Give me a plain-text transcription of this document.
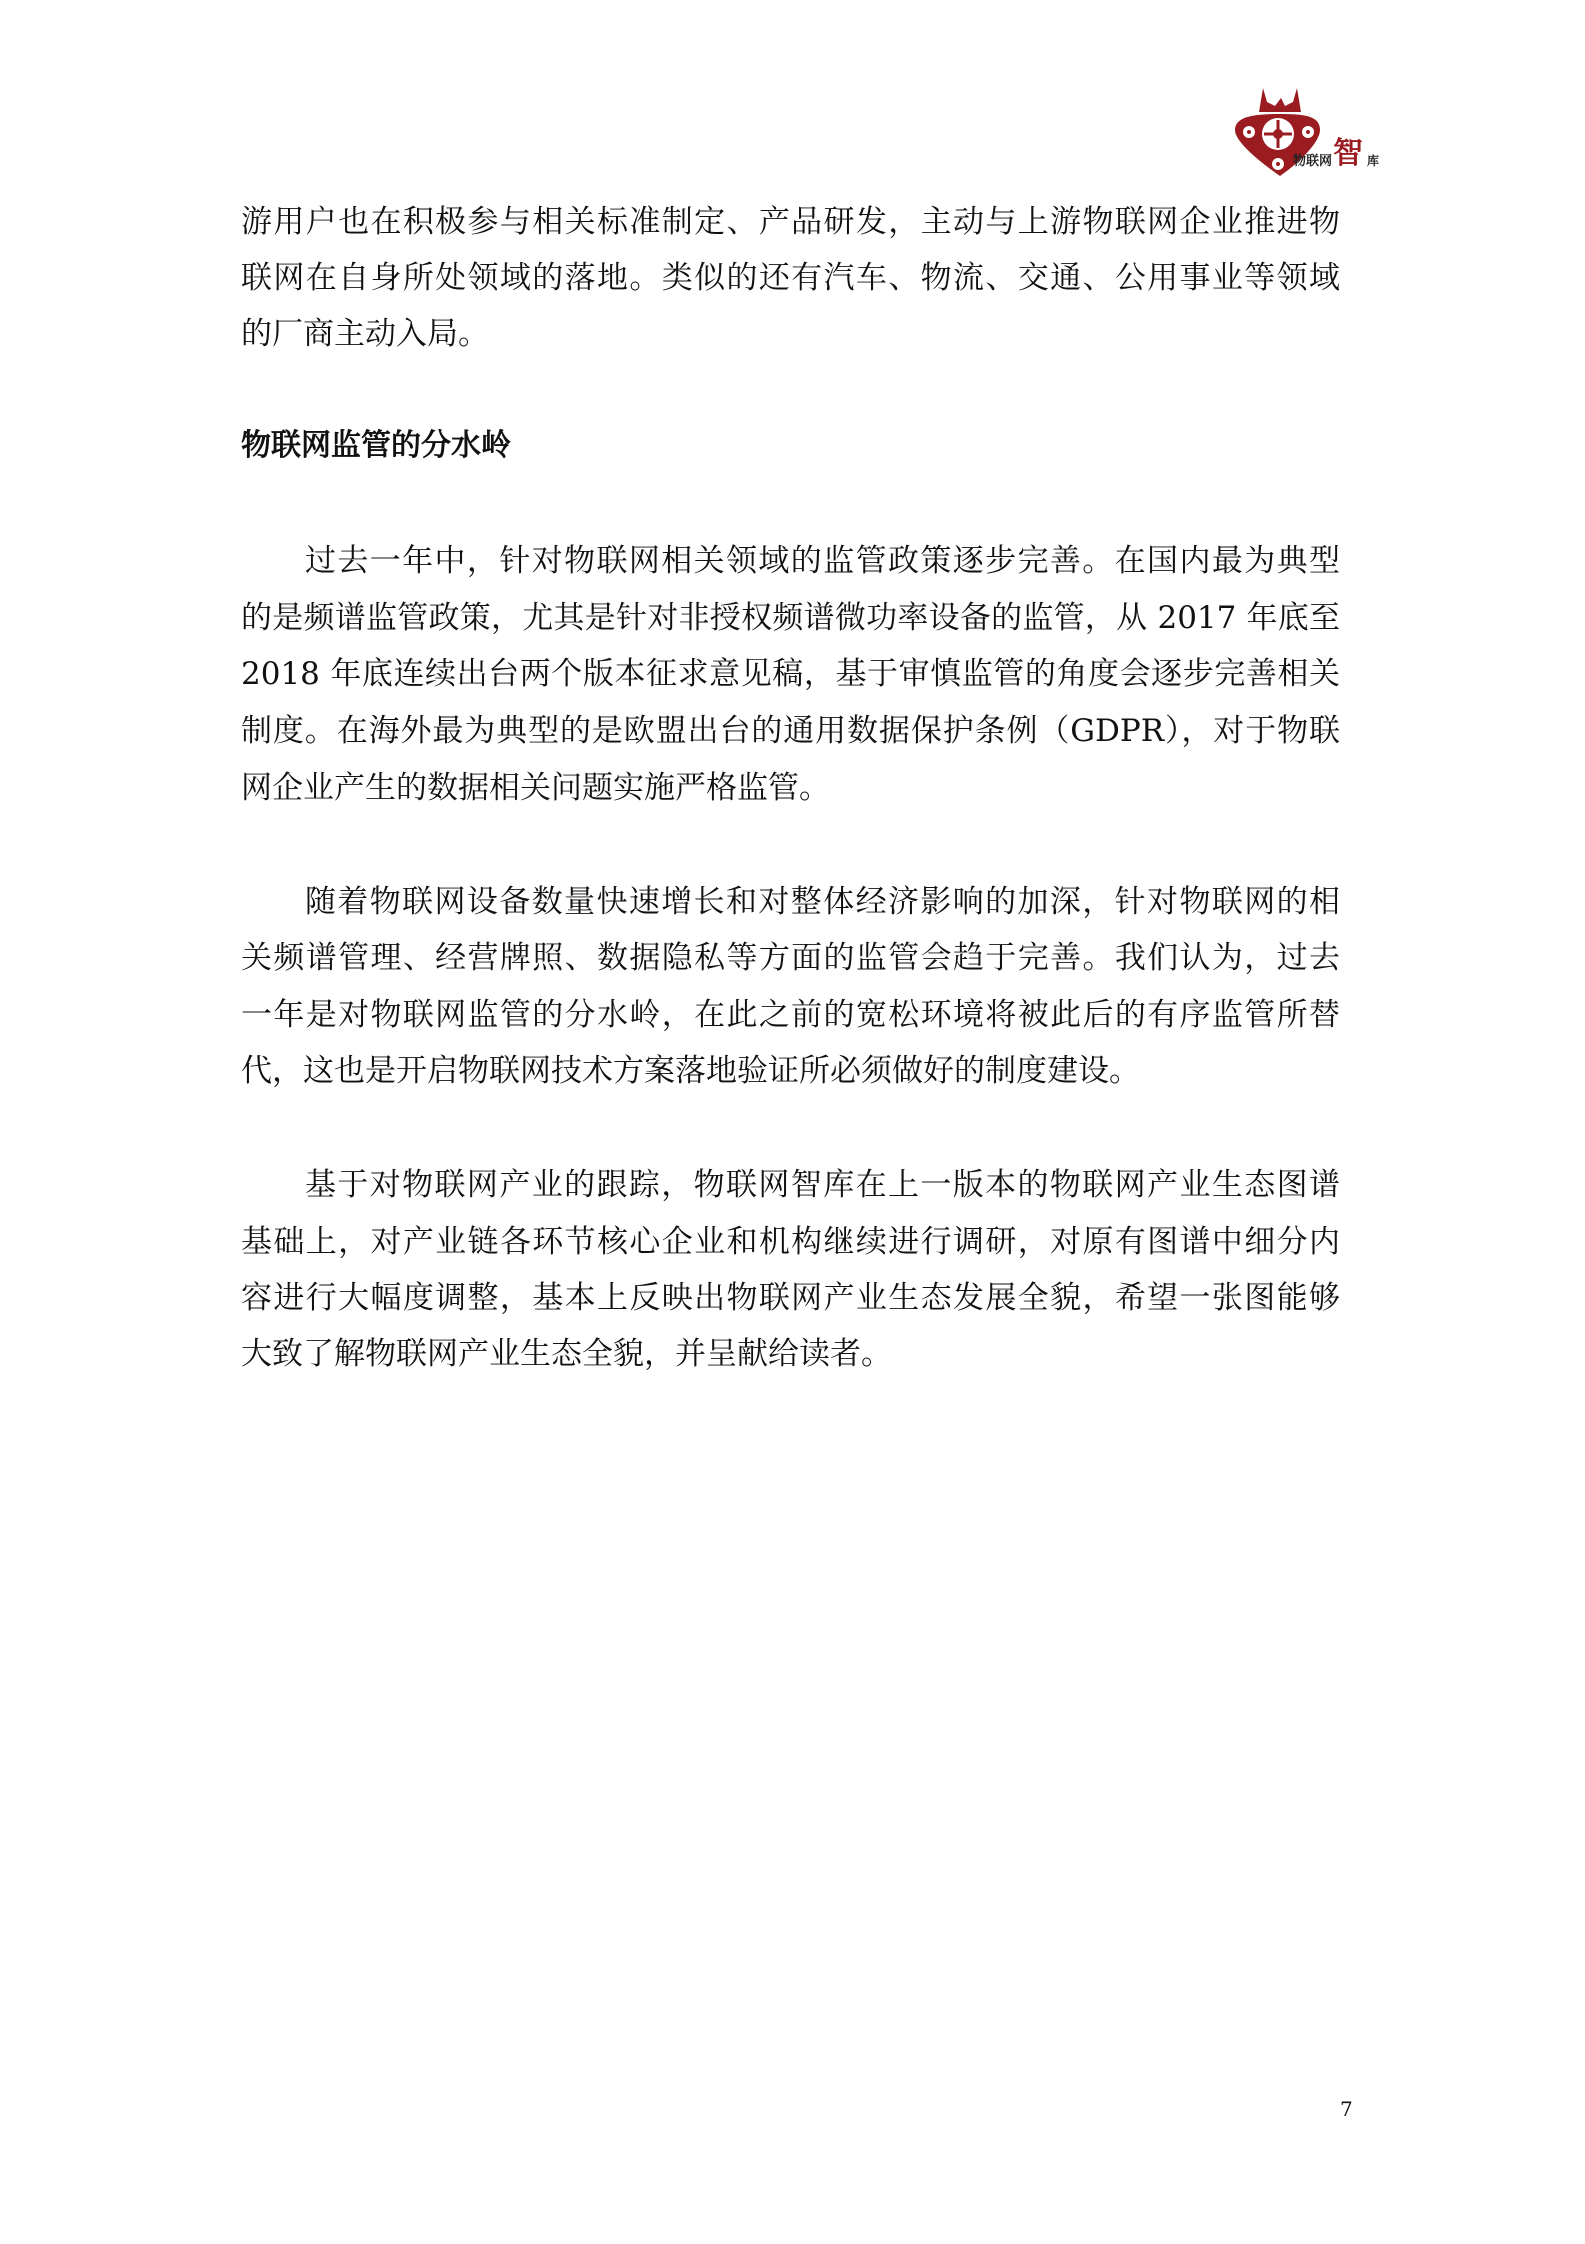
物联网 智 库
游用户也在积极参与相关标准制定、产品研发，主动与上游物联网企业推进物
联网在自身所处领域的落地。类似的还有汽车、物流、交通、公用事业等领域
的厂商主动入局。
物联网监管的分水岭
过去一年中，针对物联网相关领域的监管政策逐步完善。在国内最为典型
的是频谱监管政策，尤其是针对非授权频谱微功率设备的监管，从 2017 年底至
2018 年底连续出台两个版本征求意见稿，基于审慎监管的角度会逐步完善相关
制度。在海外最为典型的是欧盟出台的通用数据保护条例（GDPR），对于物联
网企业产生的数据相关问题实施严格监管。
随着物联网设备数量快速增长和对整体经济影响的加深，针对物联网的相
关频谱管理、经营牌照、数据隐私等方面的监管会趋于完善。我们认为，过去
一年是对物联网监管的分水岭，在此之前的宽松环境将被此后的有序监管所替
代，这也是开启物联网技术方案落地验证所必须做好的制度建设。
基于对物联网产业的跟踪，物联网智库在上一版本的物联网产业生态图谱
基础上，对产业链各环节核心企业和机构继续进行调研，对原有图谱中细分内
容进行大幅度调整，基本上反映出物联网产业生态发展全貌，希望一张图能够
大致了解物联网产业生态全貌，并呈献给读者。
7
